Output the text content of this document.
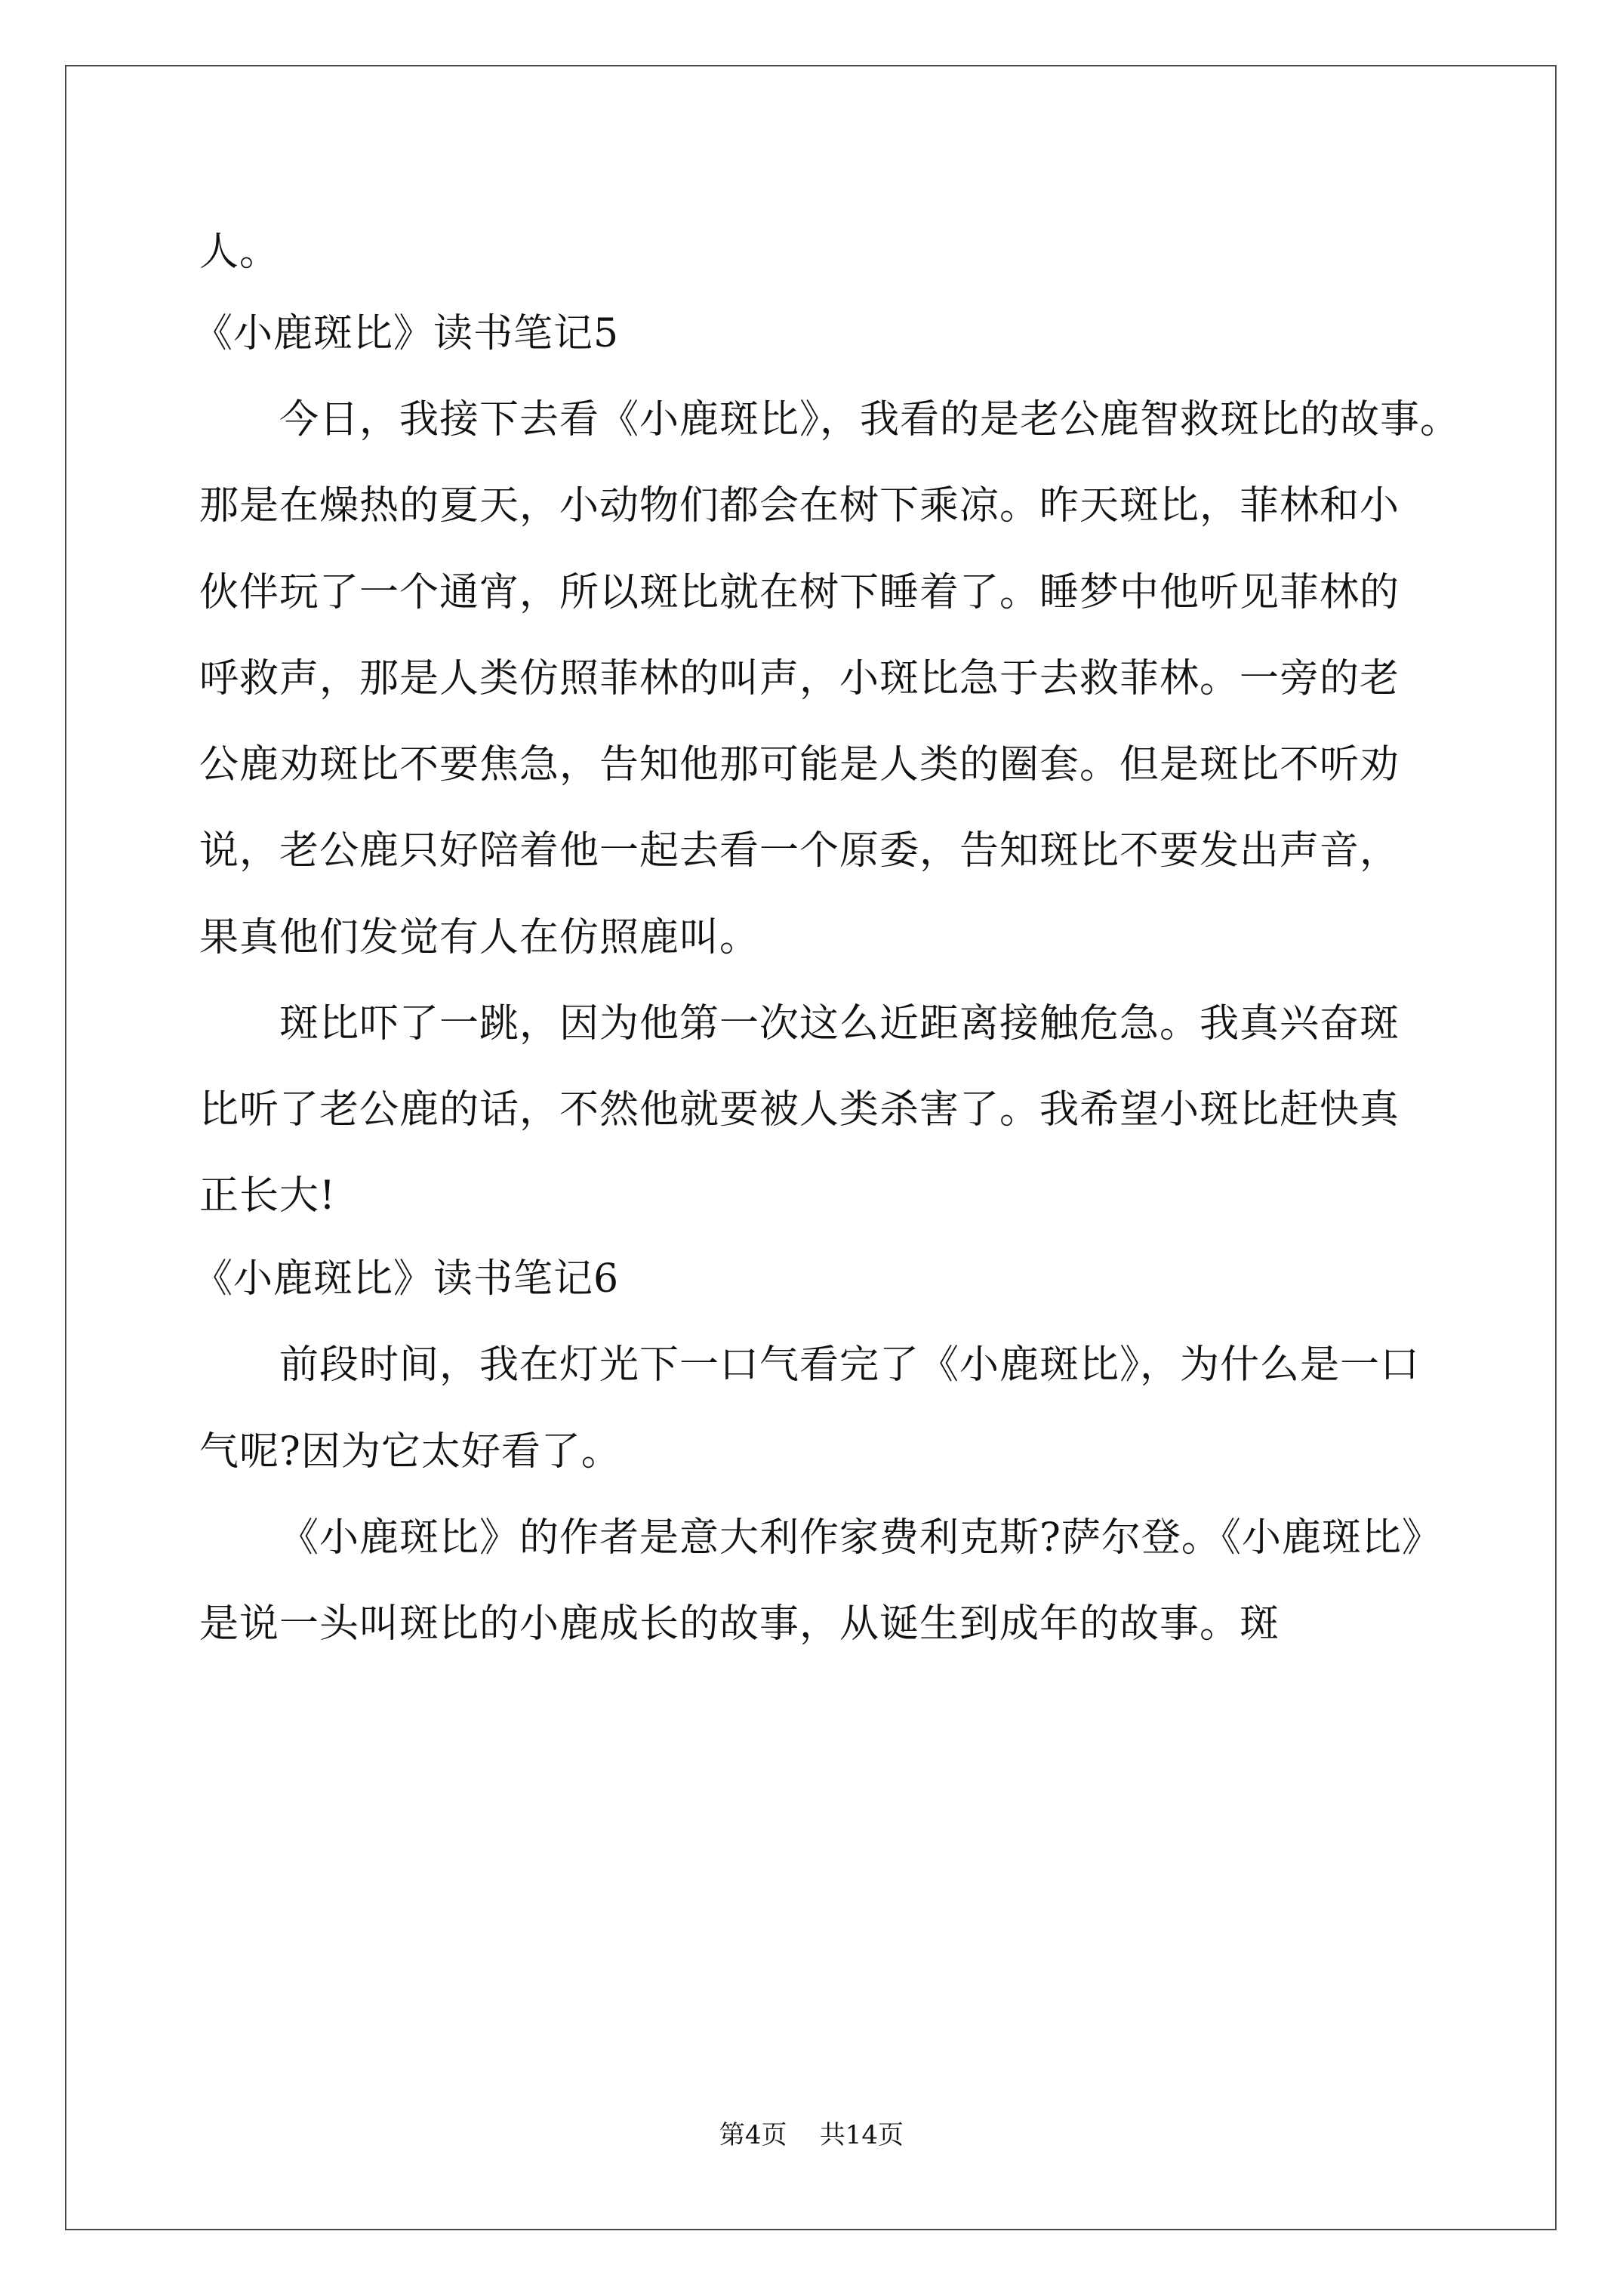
人。
《小鹿斑比》读书笔记5
今日，我接下去看《小鹿斑比》，我看的是老公鹿智救斑比的故事。
那是在燥热的夏天，小动物们都会在树下乘凉。昨天斑比，菲林和小
伙伴玩了一个通宵，所以斑比就在树下睡着了。睡梦中他听见菲林的
呼救声，那是人类仿照菲林的叫声，小斑比急于去救菲林。一旁的老
公鹿劝斑比不要焦急，告知他那可能是人类的圈套。但是斑比不听劝
说，老公鹿只好陪着他一起去看一个原委，告知斑比不要发出声音，
果真他们发觉有人在仿照鹿叫。
斑比吓了一跳，因为他第一次这么近距离接触危急。我真兴奋斑
比听了老公鹿的话，不然他就要被人类杀害了。我希望小斑比赶快真
正长大!
《小鹿斑比》读书笔记6
前段时间，我在灯光下一口气看完了《小鹿斑比》，为什么是一口
气呢?因为它太好看了。
《小鹿斑比》的作者是意大利作家费利克斯?萨尔登。《小鹿斑比》
是说一头叫斑比的小鹿成长的故事，从诞生到成年的故事。斑
第4页    共14页
